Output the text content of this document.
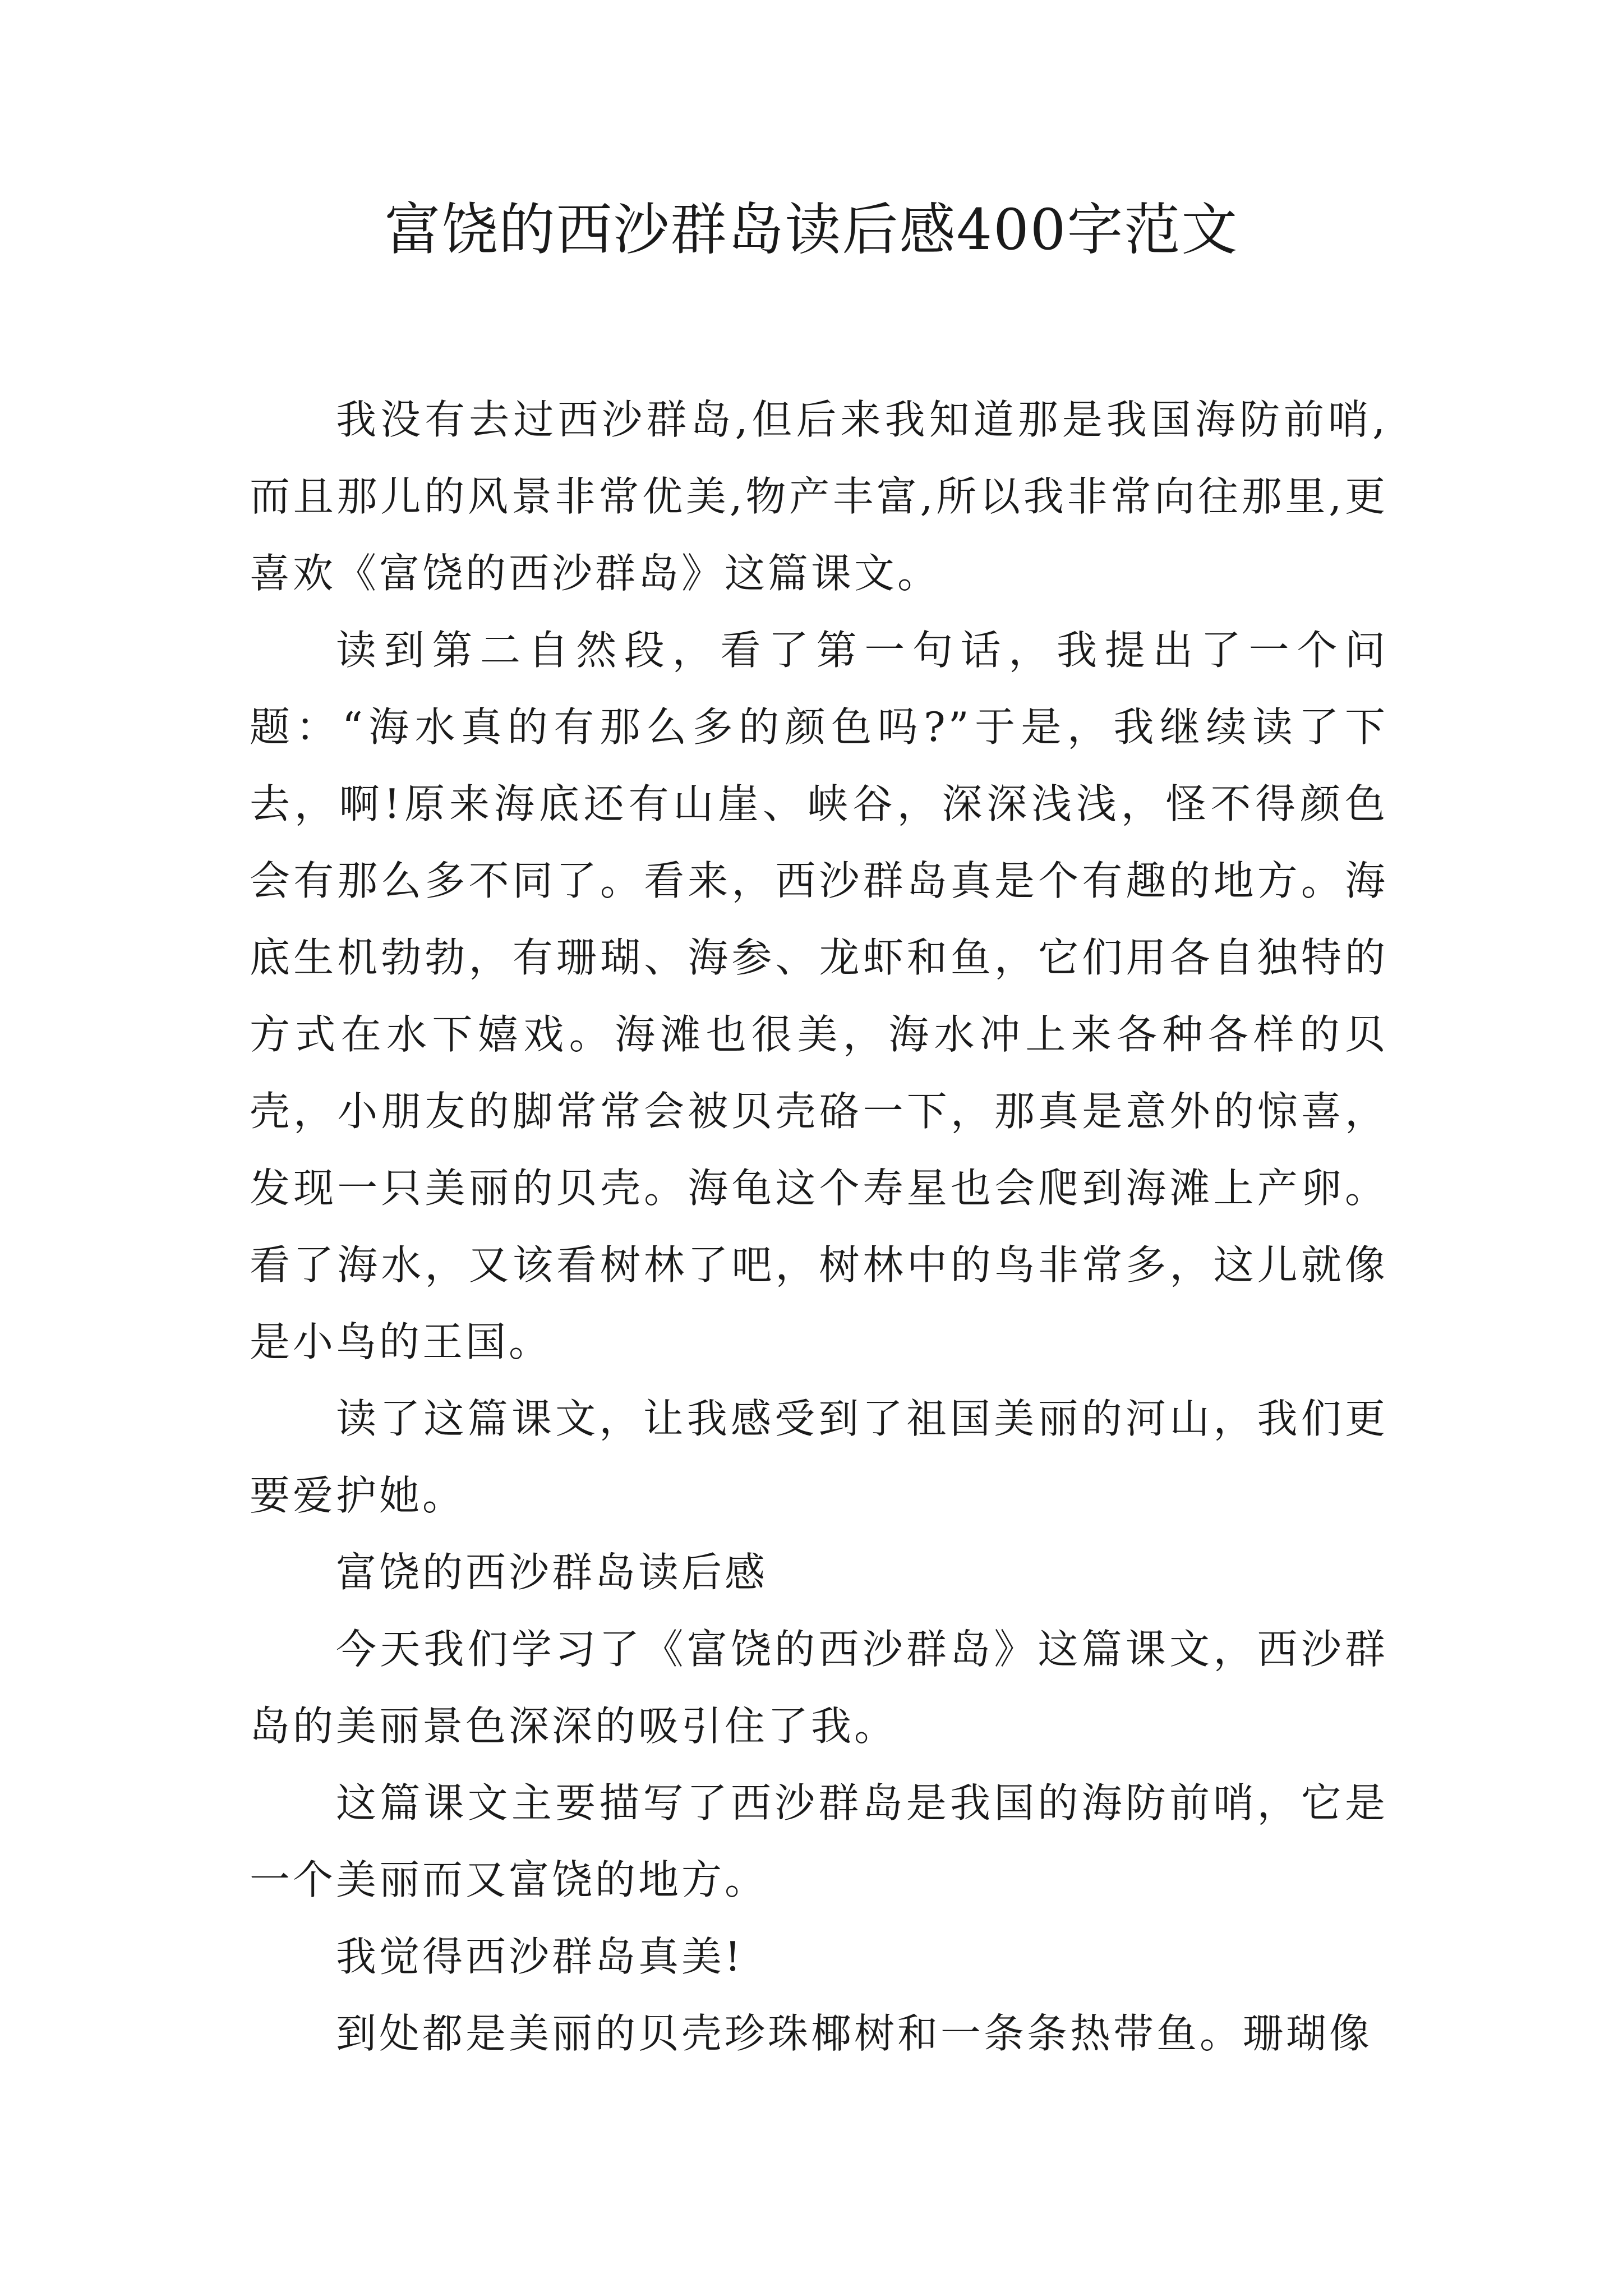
富饶的西沙群岛读后感400字范文

我没有去过西沙群岛,但后来我知道那是我国海防前哨,而且那儿的风景非常优美,物产丰富,所以我非常向往那里,更喜欢《富饶的西沙群岛》这篇课文。

读到第二自然段，看了第一句话，我提出了一个问题：“海水真的有那么多的颜色吗?”于是，我继续读了下去，啊!原来海底还有山崖、峡谷，深深浅浅，怪不得颜色会有那么多不同了。看来，西沙群岛真是个有趣的地方。海底生机勃勃，有珊瑚、海参、龙虾和鱼，它们用各自独特的方式在水下嬉戏。海滩也很美，海水冲上来各种各样的贝壳，小朋友的脚常常会被贝壳硌一下，那真是意外的惊喜，发现一只美丽的贝壳。海龟这个寿星也会爬到海滩上产卵。看了海水，又该看树林了吧，树林中的鸟非常多，这儿就像是小鸟的王国。

读了这篇课文，让我感受到了祖国美丽的河山，我们更要爱护她。

富饶的西沙群岛读后感

今天我们学习了《富饶的西沙群岛》这篇课文，西沙群岛的美丽景色深深的吸引住了我。

这篇课文主要描写了西沙群岛是我国的海防前哨，它是一个美丽而又富饶的地方。

我觉得西沙群岛真美!

到处都是美丽的贝壳珍珠椰树和一条条热带鱼。珊瑚像
